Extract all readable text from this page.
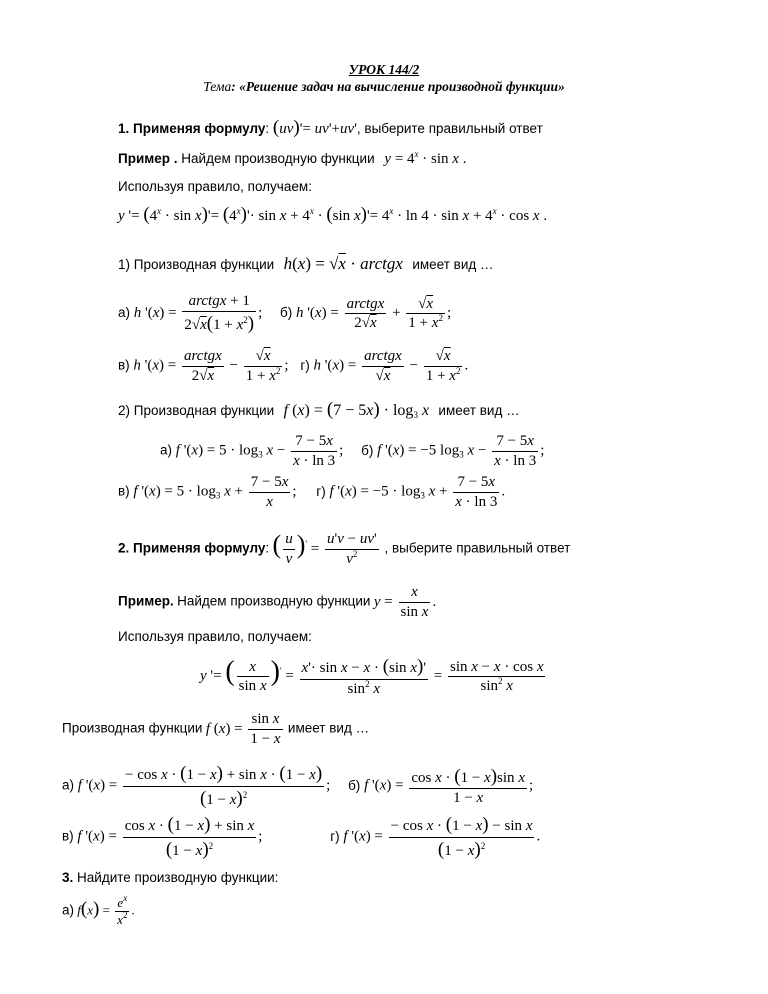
УРОК 144/2
Тема: «Решение задач на вычисление производной функции»
1. Применяя формулу: (uv)'= uv'+uv', выберите правильный ответ
Пример . Найдем производную функции $y = 4^x \cdot \sin x$ .
Используя правило, получаем:
y '= $(4^x \cdot \sin x)'= (4^x)'\cdot \sin x + 4^x \cdot (\sin$ $x)'= 4^x \cdot \ln 4 \cdot \sin x + 4^x \cdot \cos x$ .
1) Производная функции h(x) = √x · arctgx имеет вид …
а) h '$(x) = \frac{\text{arctgx + 1}}{2√x(1 + x^2)}$ ; б) h '$(x) = \frac{\text{arctgx}}{2√x} + \frac{√x}{1 + x^2}$ ;
в) h '$(x) = \frac{\text{arctgx}}{2√x} - \frac{√x}{1 + x^2}$ ; г) h '$(x) = \frac{\text{arctgx}}{√x} - \frac{√x}{1 + x^2}$ .
2) Производная функции f $(x) = (7 - 5x) \cdot \log_3 x$ имеет вид …
а) f '$(x) = 5 \cdot \log_3 x - \frac{7 - 5x}{x \cdot \ln 3}$ ; б) f '(x) = −5 $\log_3 x - \frac{7 - 5x}{x \cdot \ln 3}$ ;
в) f '$(x) = 5 \cdot \log_3 x + \frac{7 - 5x}{x}$ ; г) f '$(x) = -5 \cdot \log_3 x + \frac{7 - 5x}{x \cdot \ln 3}$ .
2. Применяя формулу: ( $\frac{u}{v} )' = \frac{u'v - uv'}{v^2}$ , выберите правильный ответ
Пример. Найдем производную функции $y = \frac{x}{\text{sin x}}$ .
Используя правило, получаем:
y '= ( $\frac{x}{\text{sin x}} )' = \frac{\text{x'· sin x − x · (sin x)'}}{\sin^2 x} = \frac{\text{sin x − x · cos x}}{\sin^2 x}$
Производная функции f $(x) = \frac{\text{sin x}}{1 - x}$ имеет вид …
а) f '$(x) = \frac{\text{− cos x · (1 − x) + sin x · (1 − x)}}{(1 - x)^2}$ ; б) f '$(x) = \frac{\text{cos x · (1 − x)sin x}}{1 - x}$ ;
в) f '$(x) = \frac{\text{cos x · (1 − x) + sin x}}{(1 - x)^2}$ ;	г) f '$(x) = \frac{\text{− cos x · (1 − x) − sin x}}{(1 - x)^2}$ .
3. Найдите производную функции:
а) $f(x) = \frac{e^x}{x^2}$ .
